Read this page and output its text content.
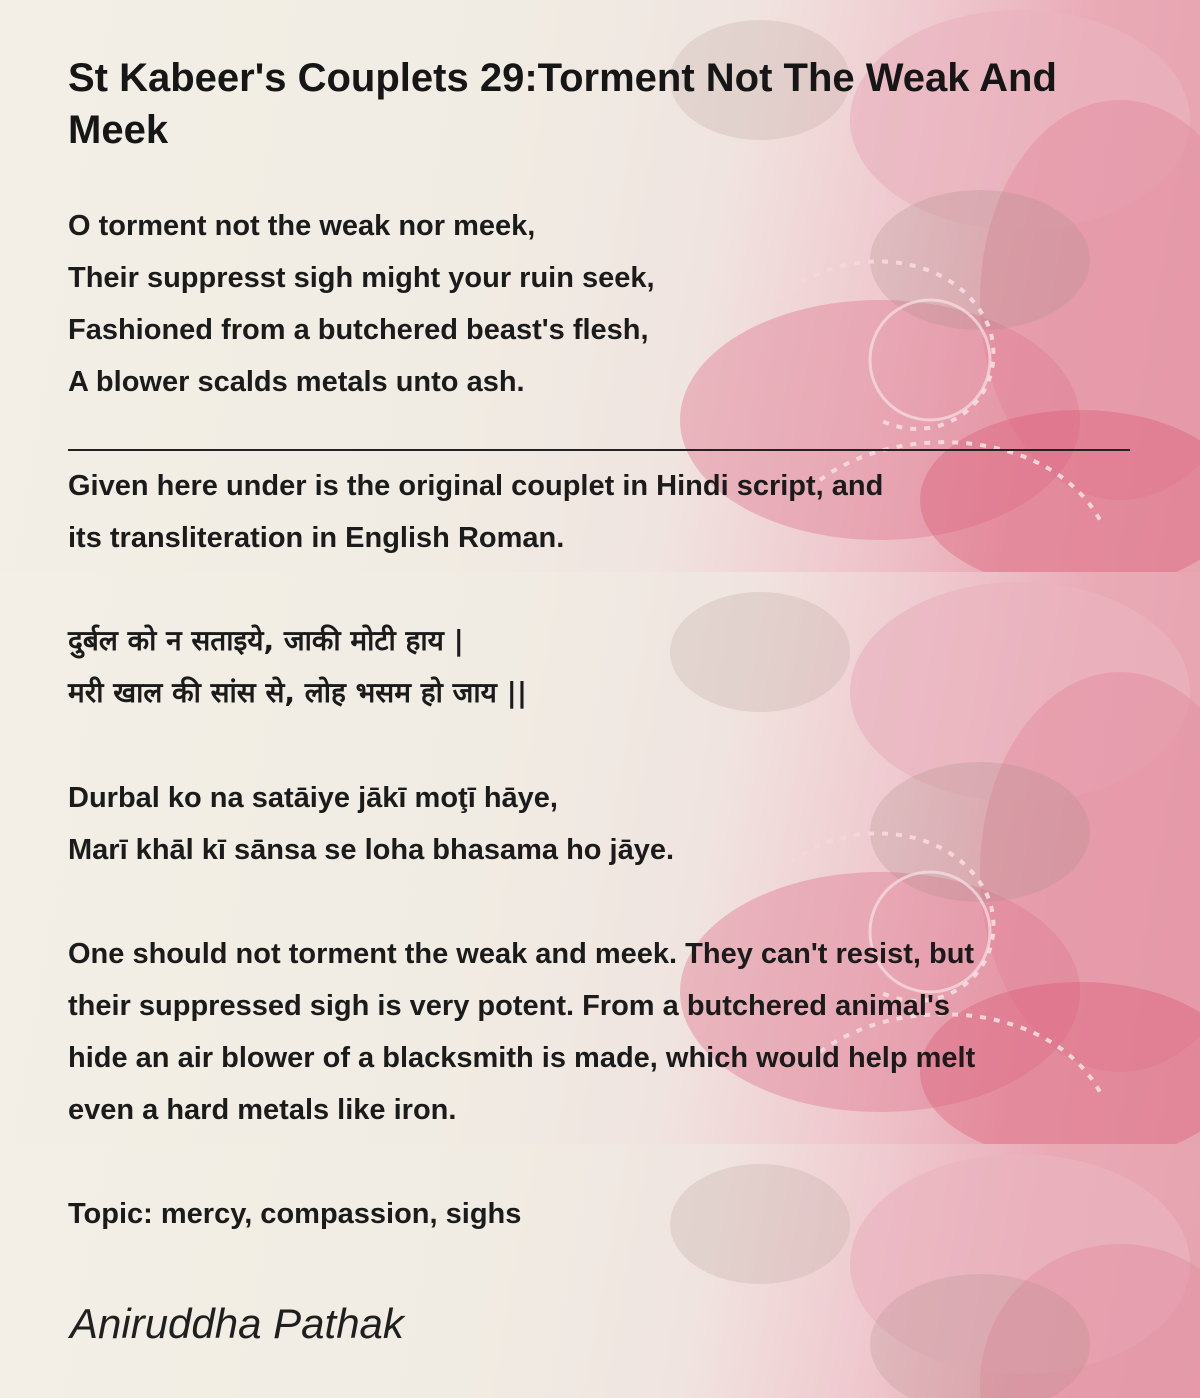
St Kabeer's Couplets 29:Torment Not The Weak And Meek
O torment not the weak nor meek,
Their suppresst sigh might your ruin seek,
Fashioned from a butchered beast's flesh,
A blower scalds metals unto ash.
Given here under is the original couplet in Hindi script, and
its transliteration in English Roman.
दुर्बल को न सताइये, जाकी मोटी हाय |
मरी खाल की सांस से, लोह भसम हो जाय ||
Durbal ko na satāiye jākī moţī hāye,
Marī khāl kī sānsa se loha bhasama ho jāye.
One should not torment the weak and meek. They can't resist, but
their suppressed sigh is very potent. From a butchered animal's
hide an air blower of a blacksmith is made, which would help melt
even a hard metals like iron.
Topic: mercy, compassion, sighs

Aniruddha Pathak
